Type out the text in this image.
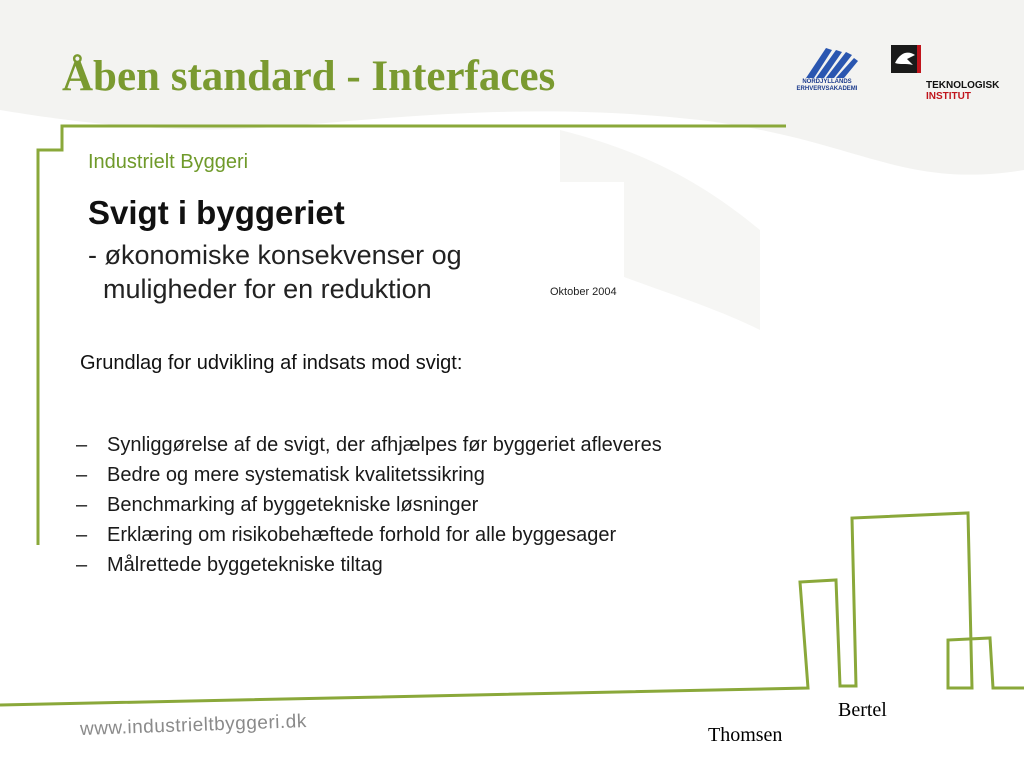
Åben standard - Interfaces	NORDJYLLANDS
ERHVERVSAKADEMI	TEKNOLOGISK
INSTITUT
Industrielt Byggeri
Svigt i byggeriet
- økonomiske konsekvenser og
muligheder for en reduktion	Oktober 2004
Grundlag for udvikling af indsats mod svigt:
– Synliggørelse af de svigt, der afhjælpes før byggeriet afleveres
– Bedre og mere systematisk kvalitetssikring
– Benchmarking af byggetekniske løsninger
– Erklæring om risikobehæftede forhold for alle byggesager
– Målrettede byggetekniske tiltag
www.industrieltbyggeri.dk
Bertel
Thomsen
